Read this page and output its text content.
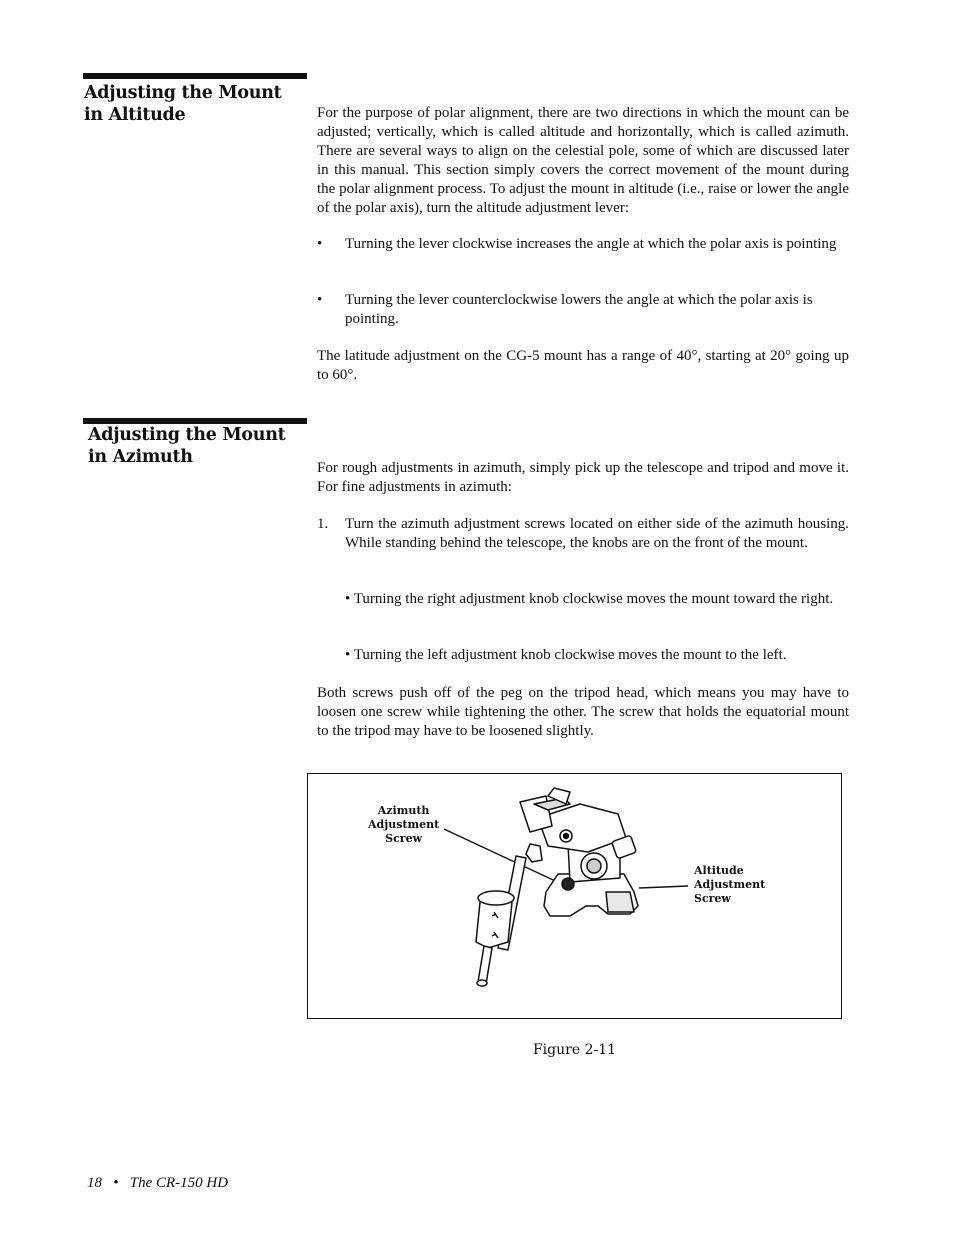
Adjusting the Mount
in Altitude	For the purpose of polar alignment, there are two directions in which the mount can be adjusted; vertically, which is called altitude and horizontally, which is called azimuth. There are several ways to align on the celestial pole, some of which are discussed later in this manual. This section simply covers the correct movement of the mount during the polar alignment process. To adjust the mount in altitude (i.e., raise or lower the angle of the polar axis), turn the altitude adjustment lever:

• Turning the lever clockwise increases the angle at which the polar axis is pointing
• Turning the lever counterclockwise lowers the angle at which the polar axis is pointing.

The latitude adjustment on the CG-5 mount has a range of 40°, starting at 20° going up to 60°.

Adjusting the Mount
in Azimuth

For rough adjustments in azimuth, simply pick up the telescope and tripod and move it. For fine adjustments in azimuth:

1. Turn the azimuth adjustment screws located on either side of the azimuth housing. While standing behind the telescope, the knobs are on the front of the mount.
• Turning the right adjustment knob clockwise moves the mount toward the right.
• Turning the left adjustment knob clockwise moves the mount to the left.

Both screws push off of the peg on the tripod head, which means you may have to loosen one screw while tightening the other. The screw that holds the equatorial mount to the tripod may have to be loosened slightly.

Azimuth
Adjustment
Screw

Altitude
Adjustment
Screw

Figure 2-11

18   •   The CR-150 HD
